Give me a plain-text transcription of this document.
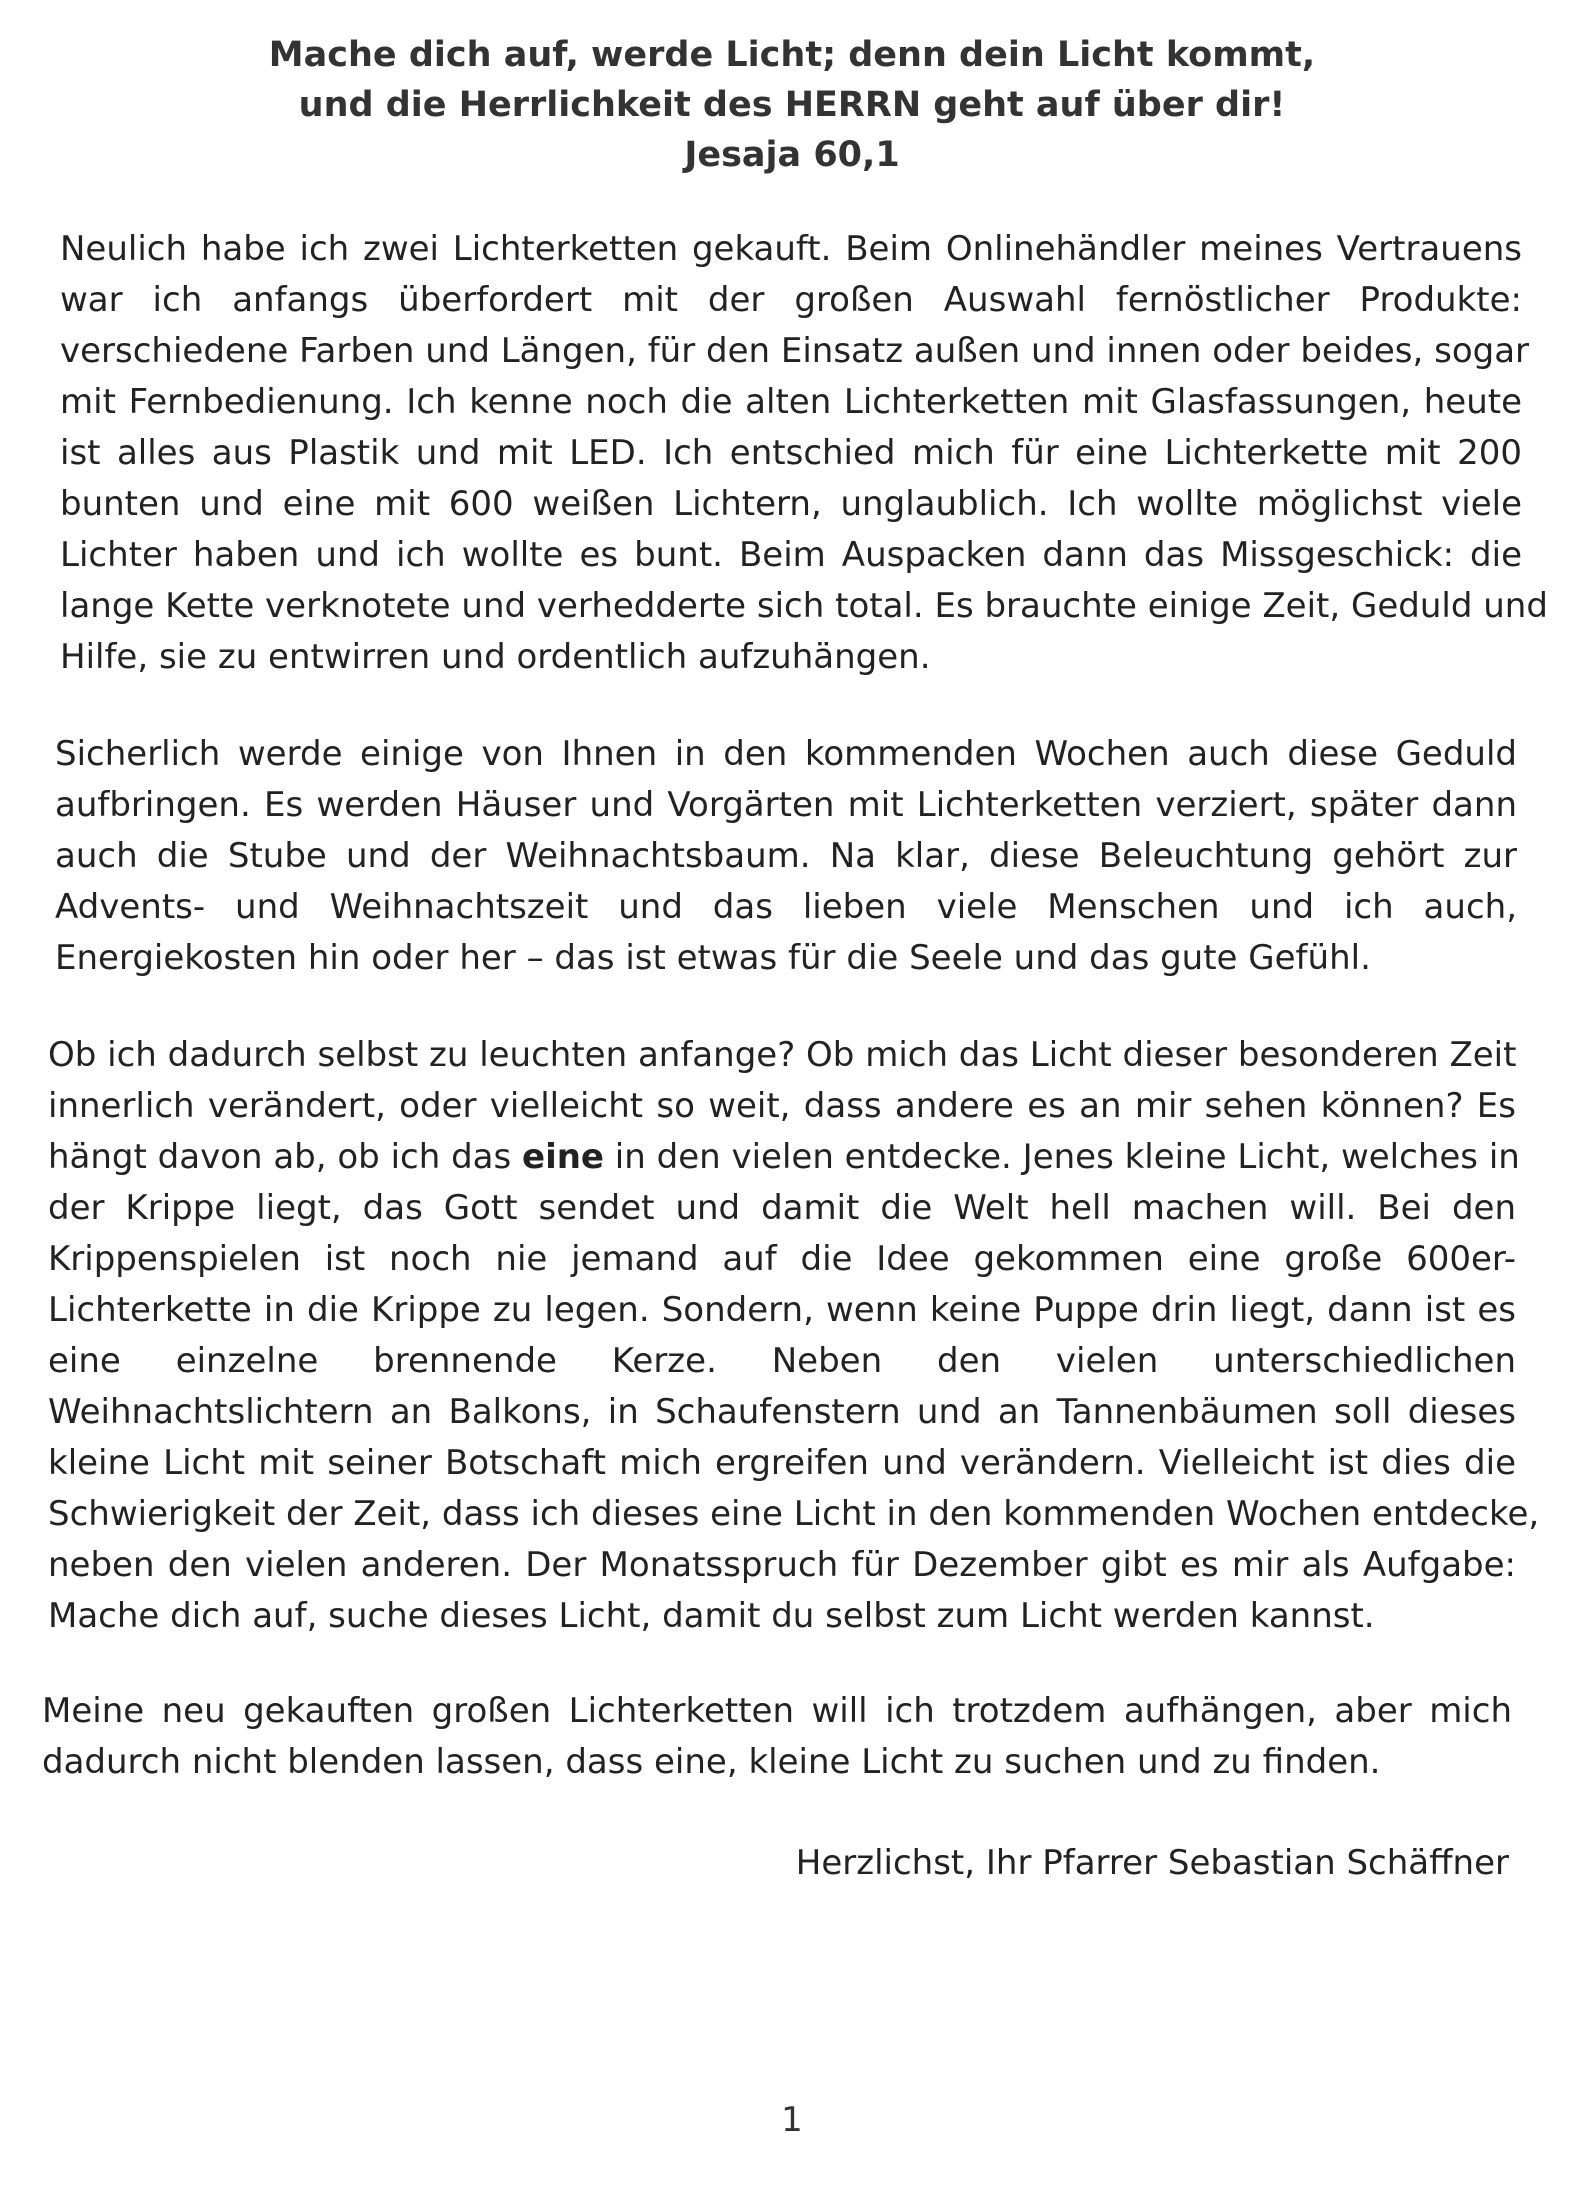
Mache dich auf, werde Licht; denn dein Licht kommt,
und die Herrlichkeit des HERRN geht auf über dir!
Jesaja 60,1
Neulich habe ich zwei Lichterketten gekauft. Beim Onlinehändler meines Vertrauens
war ich anfangs überfordert mit der großen Auswahl fernöstlicher Produkte:
verschiedene Farben und Längen, für den Einsatz außen und innen oder beides, sogar
mit Fernbedienung. Ich kenne noch die alten Lichterketten mit Glasfassungen, heute
ist alles aus Plastik und mit LED. Ich entschied mich für eine Lichterkette mit 200
bunten und eine mit 600 weißen Lichtern, unglaublich. Ich wollte möglichst viele
Lichter haben und ich wollte es bunt. Beim Auspacken dann das Missgeschick: die
lange Kette verknotete und verhedderte sich total. Es brauchte einige Zeit, Geduld und
Hilfe, sie zu entwirren und ordentlich aufzuhängen.
Sicherlich werde einige von Ihnen in den kommenden Wochen auch diese Geduld
aufbringen. Es werden Häuser und Vorgärten mit Lichterketten verziert, später dann
auch die Stube und der Weihnachtsbaum. Na klar, diese Beleuchtung gehört zur
Advents- und Weihnachtszeit und das lieben viele Menschen und ich auch,
Energiekosten hin oder her – das ist etwas für die Seele und das gute Gefühl.
Ob ich dadurch selbst zu leuchten anfange? Ob mich das Licht dieser besonderen Zeit
innerlich verändert, oder vielleicht so weit, dass andere es an mir sehen können? Es
hängt davon ab, ob ich das eine in den vielen entdecke. Jenes kleine Licht, welches in
der Krippe liegt, das Gott sendet und damit die Welt hell machen will. Bei den
Krippenspielen ist noch nie jemand auf die Idee gekommen eine große 600er-
Lichterkette in die Krippe zu legen. Sondern, wenn keine Puppe drin liegt, dann ist es
eine einzelne brennende Kerze. Neben den vielen unterschiedlichen
Weihnachtslichtern an Balkons, in Schaufenstern und an Tannenbäumen soll dieses
kleine Licht mit seiner Botschaft mich ergreifen und verändern. Vielleicht ist dies die
Schwierigkeit der Zeit, dass ich dieses eine Licht in den kommenden Wochen entdecke,
neben den vielen anderen. Der Monatsspruch für Dezember gibt es mir als Aufgabe:
Mache dich auf, suche dieses Licht, damit du selbst zum Licht werden kannst.
Meine neu gekauften großen Lichterketten will ich trotzdem aufhängen, aber mich
dadurch nicht blenden lassen, dass eine, kleine Licht zu suchen und zu finden.
Herzlichst, Ihr Pfarrer Sebastian Schäffner
1
